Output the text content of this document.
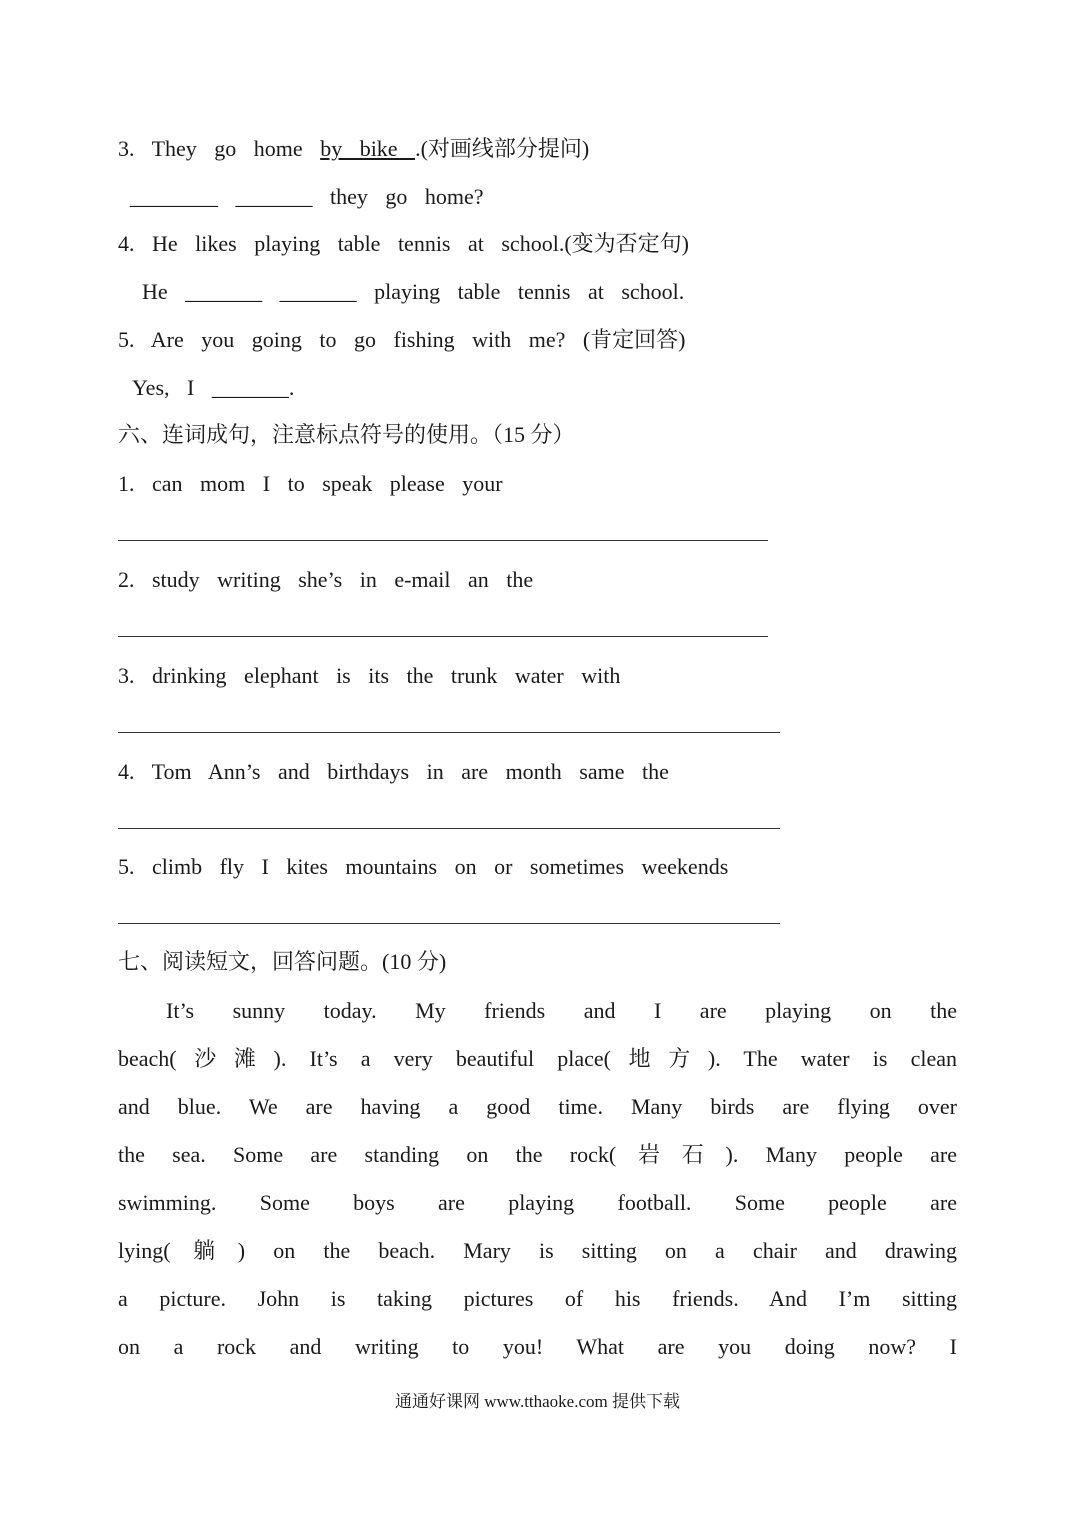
3. They go home by bike .(对画线部分提问)
________ _______ they go home?
4. He likes playing table tennis at school.(变为否定句)
He _______ _______ playing table tennis at school.
5. Are you going to go fishing with me? (肯定回答)
Yes, I _______.
六、连词成句，注意标点符号的使用。（15 分）
1. can mom I to speak please your
2. study writing she’s in e-mail an the
3. drinking elephant is its the trunk water with
4. Tom Ann’s and birthdays in are month same the
5. climb fly I kites mountains on or sometimes weekends
七、阅读短文，回答问题。(10 分)
It’s sunny today. My friends and I are playing on the
beach(沙滩). It’s a very beautiful place(地方). The water is clean
and blue. We are having a good time. Many birds are flying over
the sea. Some are standing on the rock(岩石). Many people are
swimming. Some boys are playing football. Some people are
lying(躺) on the beach. Mary is sitting on a chair and drawing
a picture. John is taking pictures of his friends. And I’m sitting
on a rock and writing to you! What are you doing now? I
通通好课网 www.tthaoke.com 提供下载
